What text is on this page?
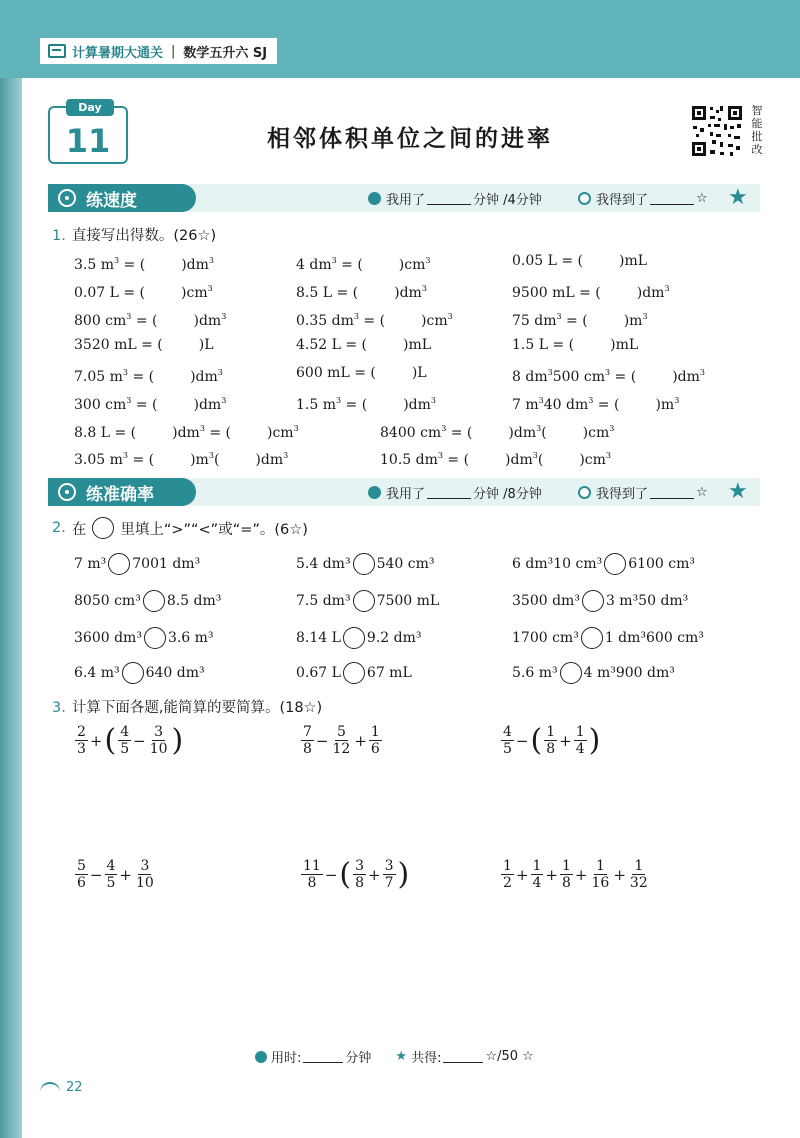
计算暑期大通关 | 数学五升六 SJ
Day
11	相邻体积单位之间的进率
智
能
批
改
练速度	我用了	分钟 /4分钟	我得到了	☆ ★
1. 直接写出得数。(26☆)
3.5 $m^3$ = (	)$dm^3$	4 $dm^3$ = (	)$cm^3$	0.05 L = (	)mL
0.07 L = (	)$cm^3$	8.5 L = (	)$dm^3$	9500 mL = (	)$dm^3$
800 $cm^3$ = (	)$dm^3$	0.35 $dm^3$ = (	)$cm^3$	75 $dm^3$ = (	)$m^3$
3520 mL = (	)L	4.52 L = (	)mL	1.5 L = (	)mL
7.05 $m^3$ = (	)$dm^3$	600 mL = (	)L	8 $dm^3500$ $cm^3$ = (	)$dm^3$
300 $cm^3$ = (	)$dm^3$	1.5 $m^3$ = (	)$dm^3$	7 $m^340$ $dm^3$ = (	)$m^3$
8.8 L = (	)$dm^3$ = (	)$cm^3$	8400 $cm^3$ = (	)$dm^3$(	)$cm^3$
3.05 $m^3$ = (	)$m^3$(	)$dm^3$	10.5 $dm^3$ = (	)$dm^3$(	)$cm^3$
练准确率	我用了	分钟 /8分钟	我得到了	☆ ★
2. 在 里填上“>”“<”或“=”。(6☆)
7 m³ 7001 dm³	5.4 dm³ 540 cm³	6 dm³10 cm³ 6100 cm³
8050 cm³ 8.5 dm³	7.5 dm³ 7500 mL	3500 dm³ 3 m³50 dm³
3600 dm³ 3.6 m³	8.14 L 9.2 dm³	1700 cm³ 1 dm³600 cm³
6.4 m³ 640 dm³	0.67 L 67 mL	5.6 m³ 4 m³900 dm³
3. 计算下面各题,能简算的要简算。(18☆)
$\frac{2}{3}$ + ( $\frac{4}{5} - \frac{3}{10}$ )	$\frac{7}{8} - \frac{5}{12} + \frac{1}{6}$	$\frac{4}{5}$ − ( $\frac{1}{8} + \frac{1}{4}$ )
$\frac{5}{6} - \frac{4}{5} + \frac{3}{10}$	$\frac{11}{8}$ − ( $\frac{3}{8} + \frac{3}{7}$ )	$\frac{1}{2} + \frac{1}{4} + \frac{1}{8} + \frac{1}{16} + \frac{1}{32}$
用时:	分钟 ★ 共得:	☆/50 ☆
22
